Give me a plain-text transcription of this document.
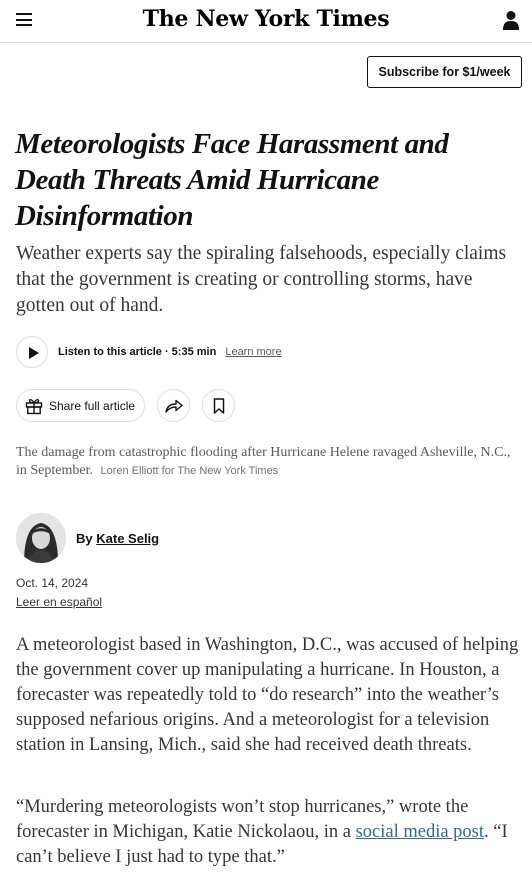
The New York Times
Subscribe for $1/week
Meteorologists Face Harassment and Death Threats Amid Hurricane Disinformation

Weather experts say the spiraling falsehoods, especially claims that the government is creating or controlling storms, have gotten out of hand.

Listen to this article · 5:35 min Learn more
Share full article

The damage from catastrophic flooding after Hurricane Helene ravaged Asheville, N.C., in September. Loren Elliott for The New York Times

By Kate Selig
Oct. 14, 2024
Leer en español

A meteorologist based in Washington, D.C., was accused of helping the government cover up manipulating a hurricane. In Houston, a forecaster was repeatedly told to “do research” into the weather’s supposed nefarious origins. And a meteorologist for a television station in Lansing, Mich., said she had received death threats.

“Murdering meteorologists won’t stop hurricanes,” wrote the forecaster in Michigan, Katie Nickolaou, in a social media post. “I can’t believe I just had to type that.”
